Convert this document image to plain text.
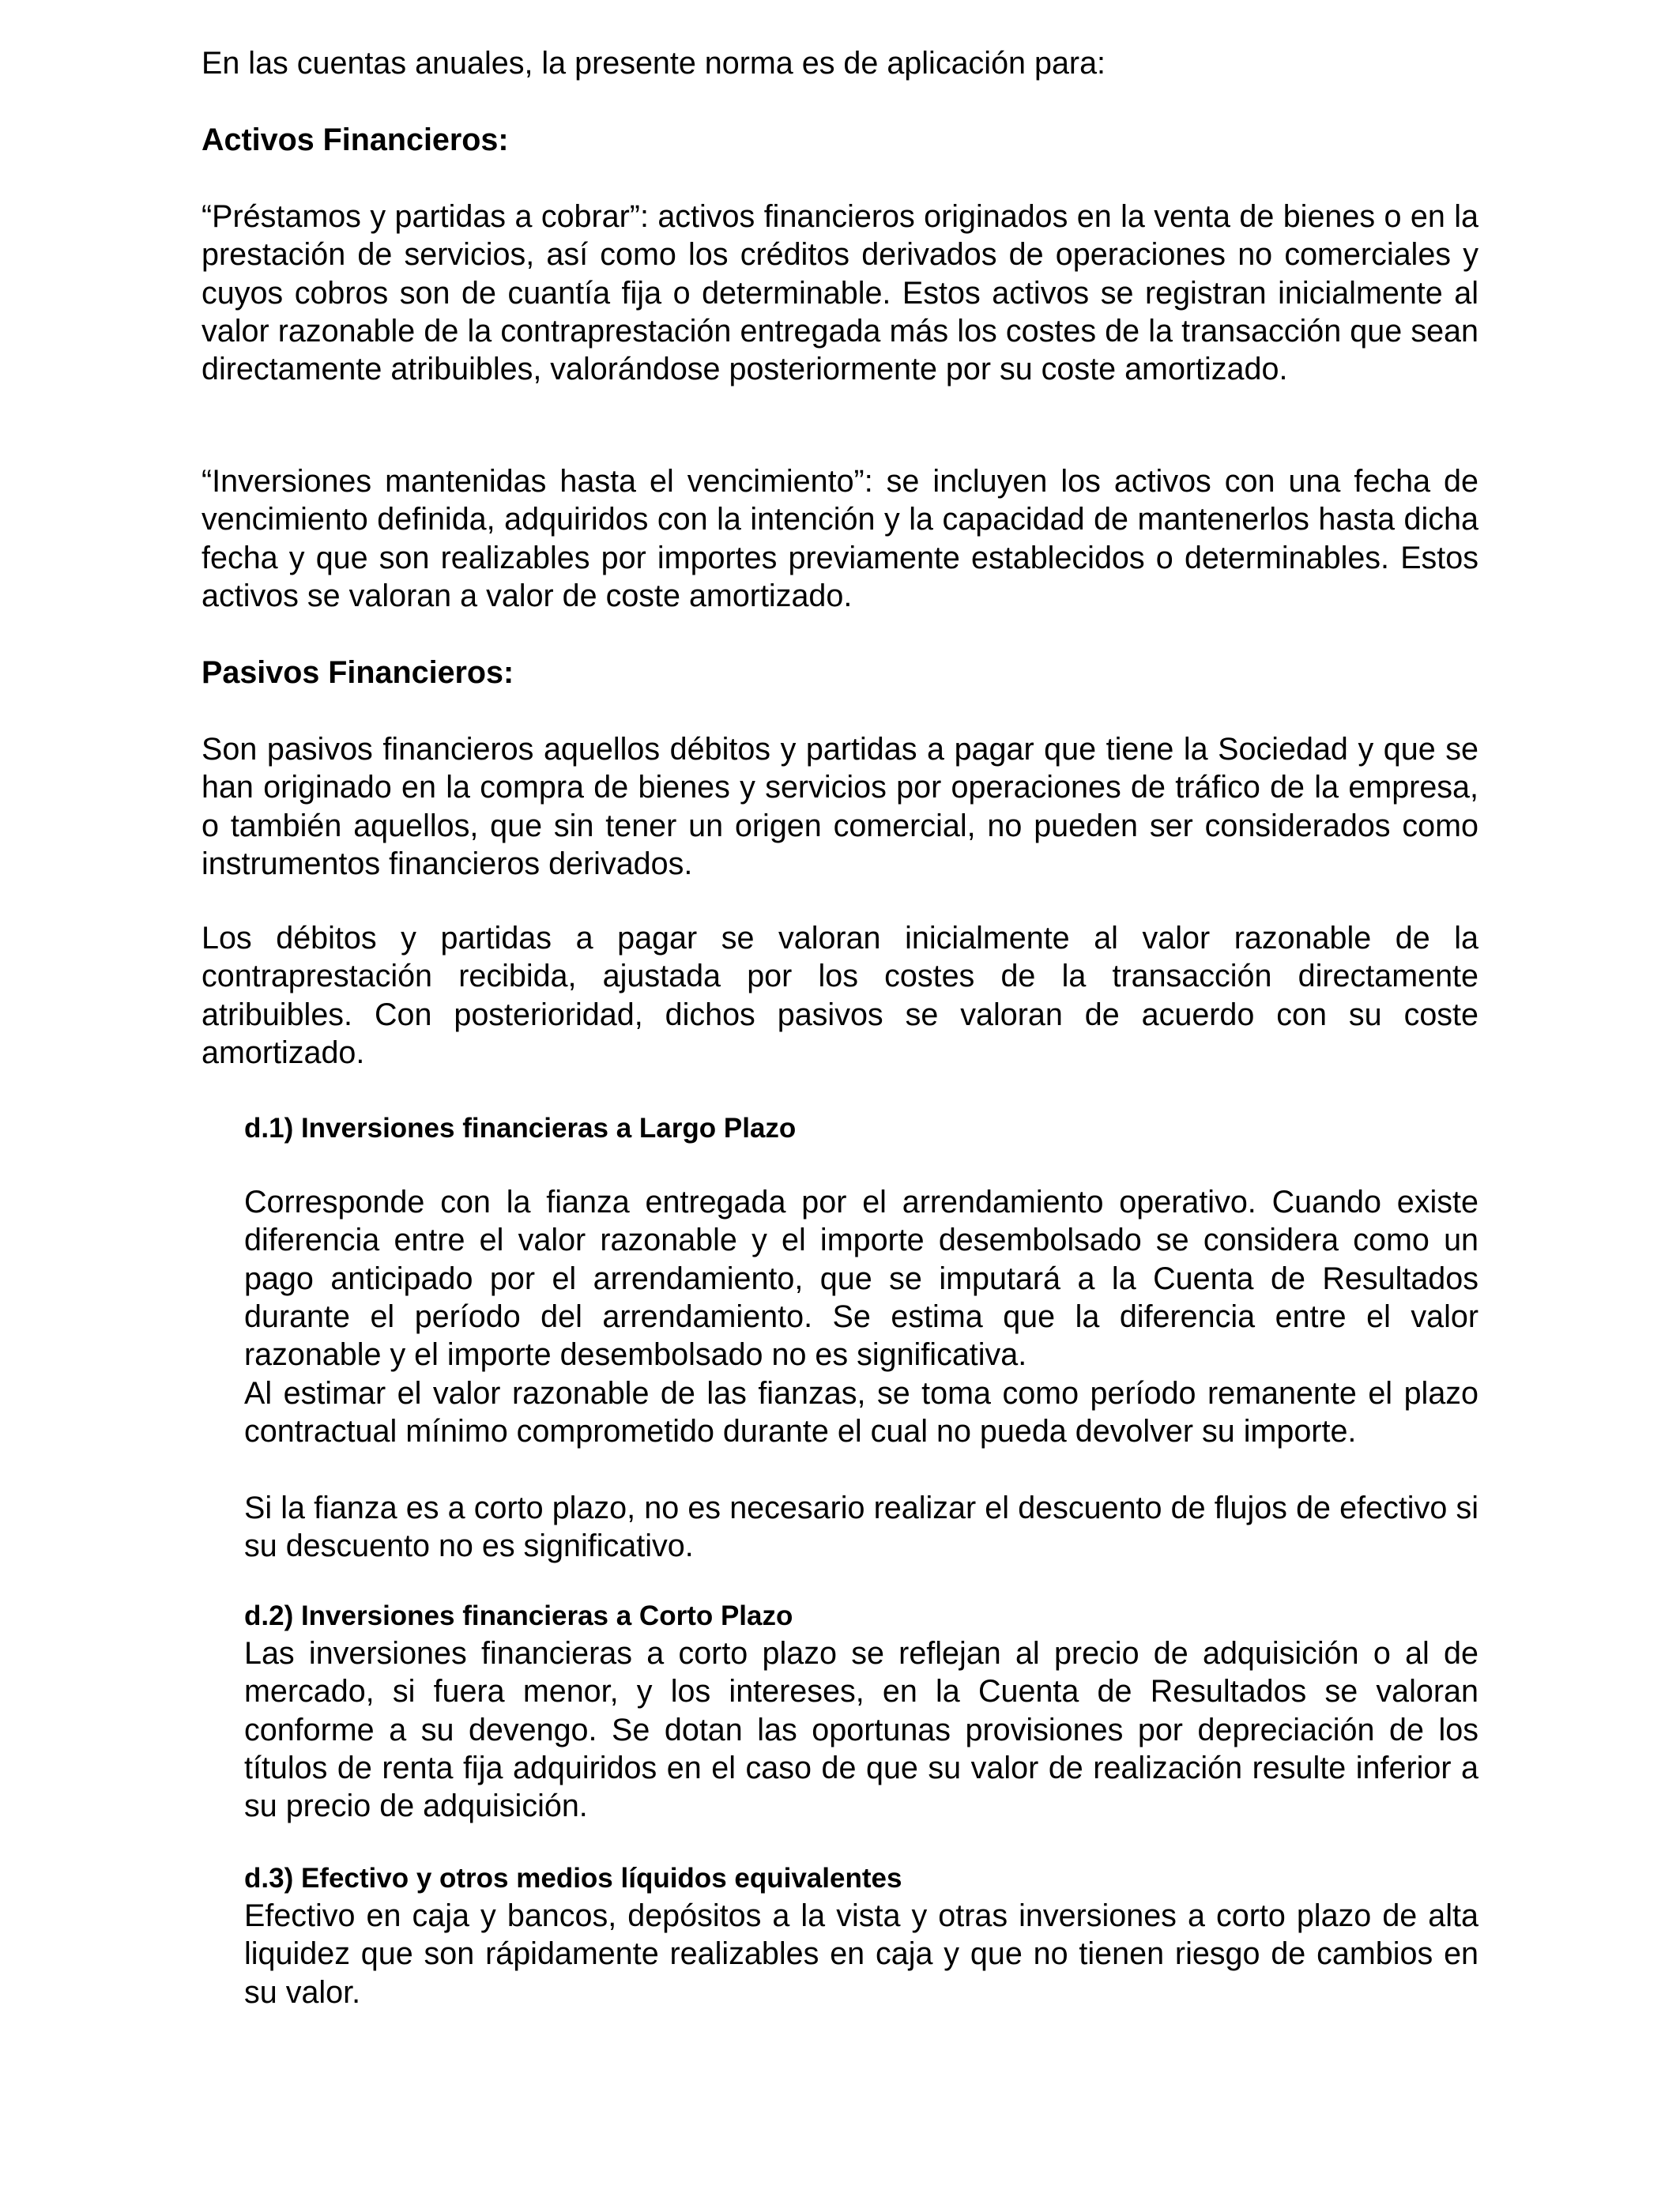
En las cuentas anuales, la presente norma es de aplicación para:

Activos Financieros:

“Préstamos y partidas a cobrar”: activos financieros originados en la venta de bienes o en la prestación de servicios, así como los créditos derivados de operaciones no comerciales y cuyos cobros son de cuantía fija o determinable. Estos activos se registran inicialmente al valor razonable de la contraprestación entregada más los costes de la transacción que sean directamente atribuibles, valorándose posteriormente por su coste amortizado.

“Inversiones mantenidas hasta el vencimiento”: se incluyen los activos con una fecha de vencimiento definida, adquiridos con la intención y la capacidad de mantenerlos hasta dicha fecha y que son realizables por importes previamente establecidos o determinables. Estos activos se valoran a valor de coste amortizado.

Pasivos Financieros:

Son pasivos financieros aquellos débitos y partidas a pagar que tiene la Sociedad y que se han originado en la compra de bienes y servicios por operaciones de tráfico de la empresa, o también aquellos, que sin tener un origen comercial, no pueden ser considerados como instrumentos financieros derivados.

Los débitos y partidas a pagar se valoran inicialmente al valor razonable de la contraprestación recibida, ajustada por los costes de la transacción directamente atribuibles. Con posterioridad, dichos pasivos se valoran de acuerdo con su coste amortizado.

d.1) Inversiones financieras a Largo Plazo

Corresponde con la fianza entregada por el arrendamiento operativo. Cuando existe diferencia entre el valor razonable y el importe desembolsado se considera como un pago anticipado por el arrendamiento, que se imputará a la Cuenta de Resultados durante el período del arrendamiento. Se estima que la diferencia entre el valor razonable y el importe desembolsado no es significativa.

Al estimar el valor razonable de las fianzas, se toma como período remanente el plazo contractual mínimo comprometido durante el cual no pueda devolver su importe.

Si la fianza es a corto plazo, no es necesario realizar el descuento de flujos de efectivo si su descuento no es significativo.

d.2) Inversiones financieras a Corto Plazo

Las inversiones financieras a corto plazo se reflejan al precio de adquisición o al de mercado, si fuera menor, y los intereses, en la Cuenta de Resultados se valoran conforme a su devengo. Se dotan las oportunas provisiones por depreciación de los títulos de renta fija adquiridos en el caso de que su valor de realización resulte inferior a su precio de adquisición.

d.3) Efectivo y otros medios líquidos equivalentes

Efectivo en caja y bancos, depósitos a la vista y otras inversiones a corto plazo de alta liquidez que son rápidamente realizables en caja y que no tienen riesgo de cambios en su valor.
